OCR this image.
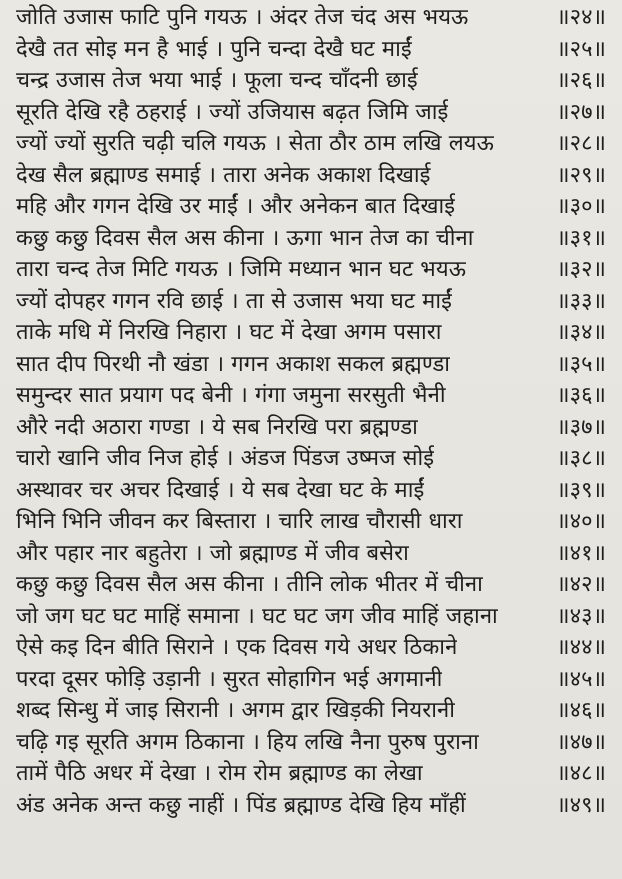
जोति उजास फाटि पुनि गयऊ । अंदर तेज चंद अस भयऊ	॥२४॥
देखै तत सोइ मन है भाई । पुनि चन्दा देखै घट माईं	॥२५॥
चन्द्र उजास तेज भया भाई । फूला चन्द चाँदनी छाई	॥२६॥
सूरति देखि रहै ठहराई । ज्यों उजियास बढ़त जिमि जाई	॥२७॥
ज्यों ज्यों सुरति चढ़ी चलि गयऊ । सेता ठौर ठाम लखि लयऊ	॥२८॥
देख सैल ब्रह्माण्ड समाई । तारा अनेक अकाश दिखाई	॥२९॥
महि और गगन देखि उर माईं । और अनेकन बात दिखाई	॥३०॥
कछु कछु दिवस सैल अस कीना । ऊगा भान तेज का चीना	॥३१॥
तारा चन्द तेज मिटि गयऊ । जिमि मध्यान भान घट भयऊ	॥३२॥
ज्यों दोपहर गगन रवि छाई । ता से उजास भया घट माईं	॥३३॥
ताके मधि में निरखि निहारा । घट में देखा अगम पसारा	॥३४॥
सात दीप पिरथी नौ खंडा । गगन अकाश सकल ब्रह्मण्डा	॥३५॥
समुन्दर सात प्रयाग पद बेनी । गंगा जमुना सरसुती भैनी	॥३६॥
औरे नदी अठारा गण्डा । ये सब निरखि परा ब्रह्मण्डा	॥३७॥
चारो खानि जीव निज होई । अंडज पिंडज उष्मज सोई	॥३८॥
अस्थावर चर अचर दिखाई । ये सब देखा घट के माईं	॥३९॥
भिनि भिनि जीवन कर बिस्तारा । चारि लाख चौरासी धारा	॥४०॥
और पहार नार बहुतेरा । जो ब्रह्माण्ड में जीव बसेरा	॥४१॥
कछु कछु दिवस सैल अस कीना । तीनि लोक भीतर में चीना	॥४२॥
जो जग घट घट माहिं समाना । घट घट जग जीव माहिं जहाना	॥४३॥
ऐसे कइ दिन बीति सिराने । एक दिवस गये अधर ठिकाने	॥४४॥
परदा दूसर फोड़ि उड़ानी । सुरत सोहागिन भई अगमानी	॥४५॥
शब्द सिन्धु में जाइ सिरानी । अगम द्वार खिड़की नियरानी	॥४६॥
चढ़ि गइ सूरति अगम ठिकाना । हिय लखि नैना पुरुष पुराना	॥४७॥
तामें पैठि अधर में देखा । रोम रोम ब्रह्माण्ड का लेखा	॥४८॥
अंड अनेक अन्त कछु नाहीं । पिंड ब्रह्माण्ड देखि हिय माँहीं	॥४९॥
